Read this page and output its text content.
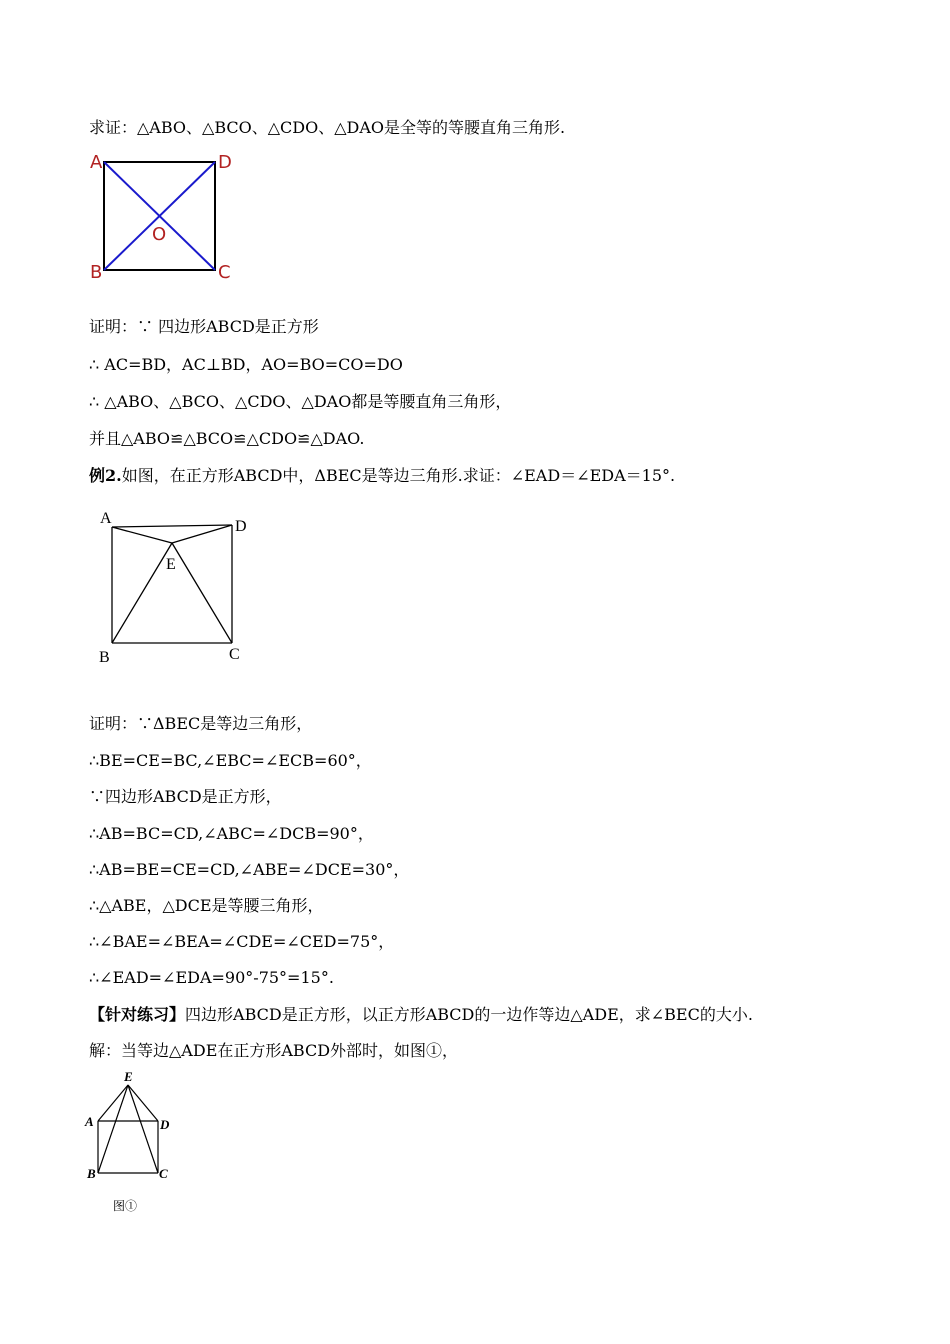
求证：△ABO、△BCO、△CDO、△DAO是全等的等腰直角三角形.
A	D
O
B	C
证明：∵ 四边形ABCD是正方形
∴ AC=BD，AC⊥BD，AO=BO=CO=DO
∴ △ABO、△BCO、△CDO、△DAO都是等腰直角三角形，
并且△ABO≌△BCO≌△CDO≌△DAO.
例2.如图，在正方形ABCD中，ΔBEC是等边三角形.求证：∠EAD＝∠EDA＝15°.
A	D
E
B	C
证明：∵ΔBEC是等边三角形，
∴BE=CE=BC,∠EBC=∠ECB=60°，
∵四边形ABCD是正方形，
∴AB=BC=CD,∠ABC=∠DCB=90°，
∴AB=BE=CE=CD,∠ABE=∠DCE=30°，
∴△ABE，△DCE是等腰三角形，
∴∠BAE=∠BEA=∠CDE=∠CED=75°，
∴∠EAD=∠EDA=90°-75°=15°.
【针对练习】四边形ABCD是正方形，以正方形ABCD的一边作等边△ADE，求∠BEC的大小.
解：当等边△ADE在正方形ABCD外部时，如图①，
E
A	D
B	C
图①
